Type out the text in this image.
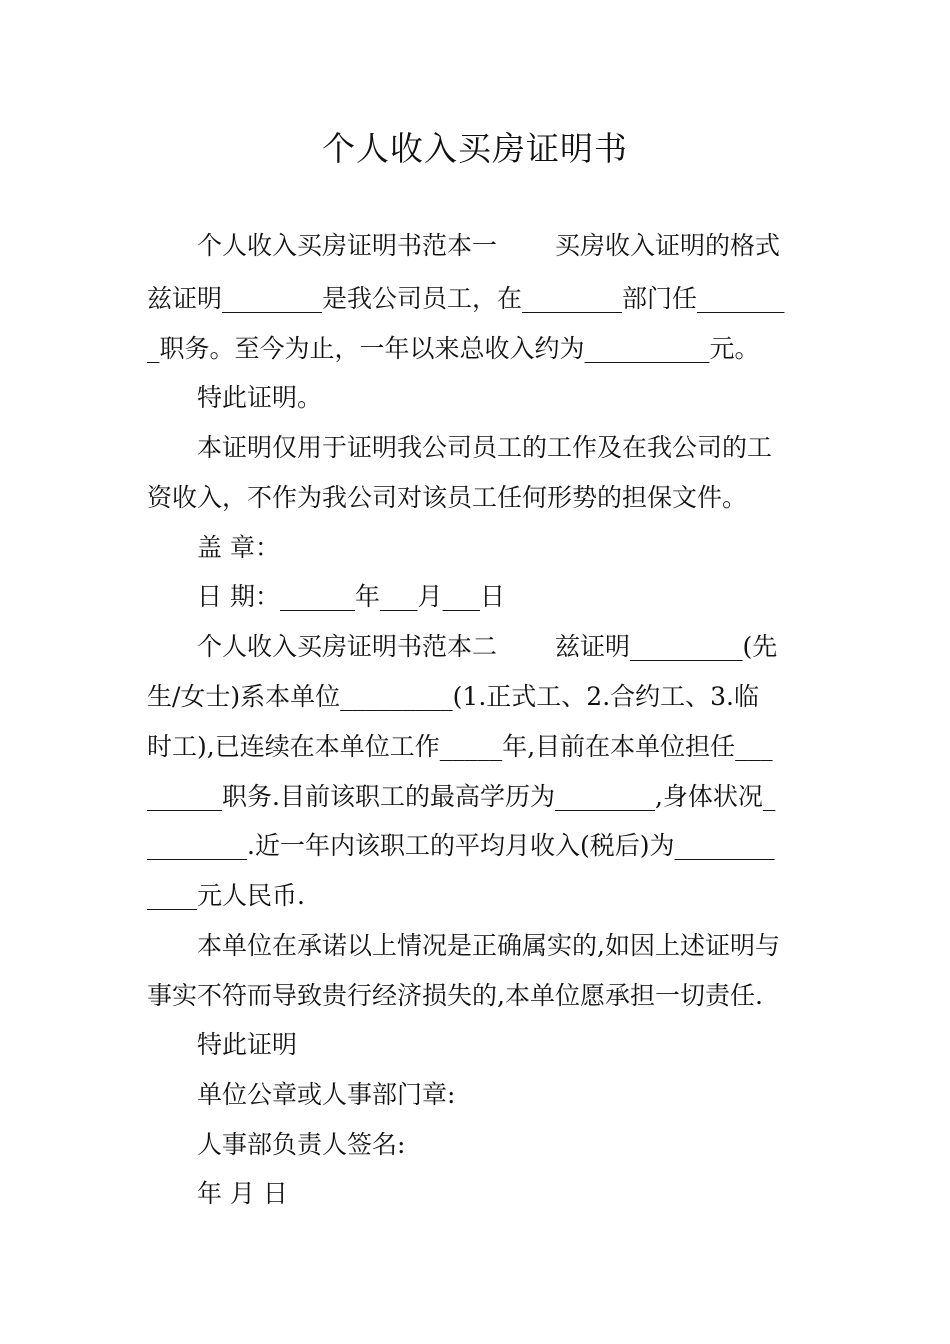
个人收入买房证明书

个人收入买房证明书范本一　　 买房收入证明的格式

兹证明________是我公司员工，在________部门任_______

_职务。至今为止，一年以来总收入约为__________元。

特此证明。

本证明仅用于证明我公司员工的工作及在我公司的工

资收入，不作为我公司对该员工任何形势的担保文件。

盖 章：

日 期：______年___月___日

个人收入买房证明书范本二　　 兹证明_________(先

生/女士)系本单位_________(1.正式工、2.合约工、3.临

时工),已连续在本单位工作_____年,目前在本单位担任___

______职务.目前该职工的最高学历为________,身体状况_

________.近一年内该职工的平均月收入(税后)为________

____元人民币.

本单位在承诺以上情况是正确属实的,如因上述证明与

事实不符而导致贵行经济损失的,本单位愿承担一切责任.

特此证明

单位公章或人事部门章:

人事部负责人签名:

年 月 日
